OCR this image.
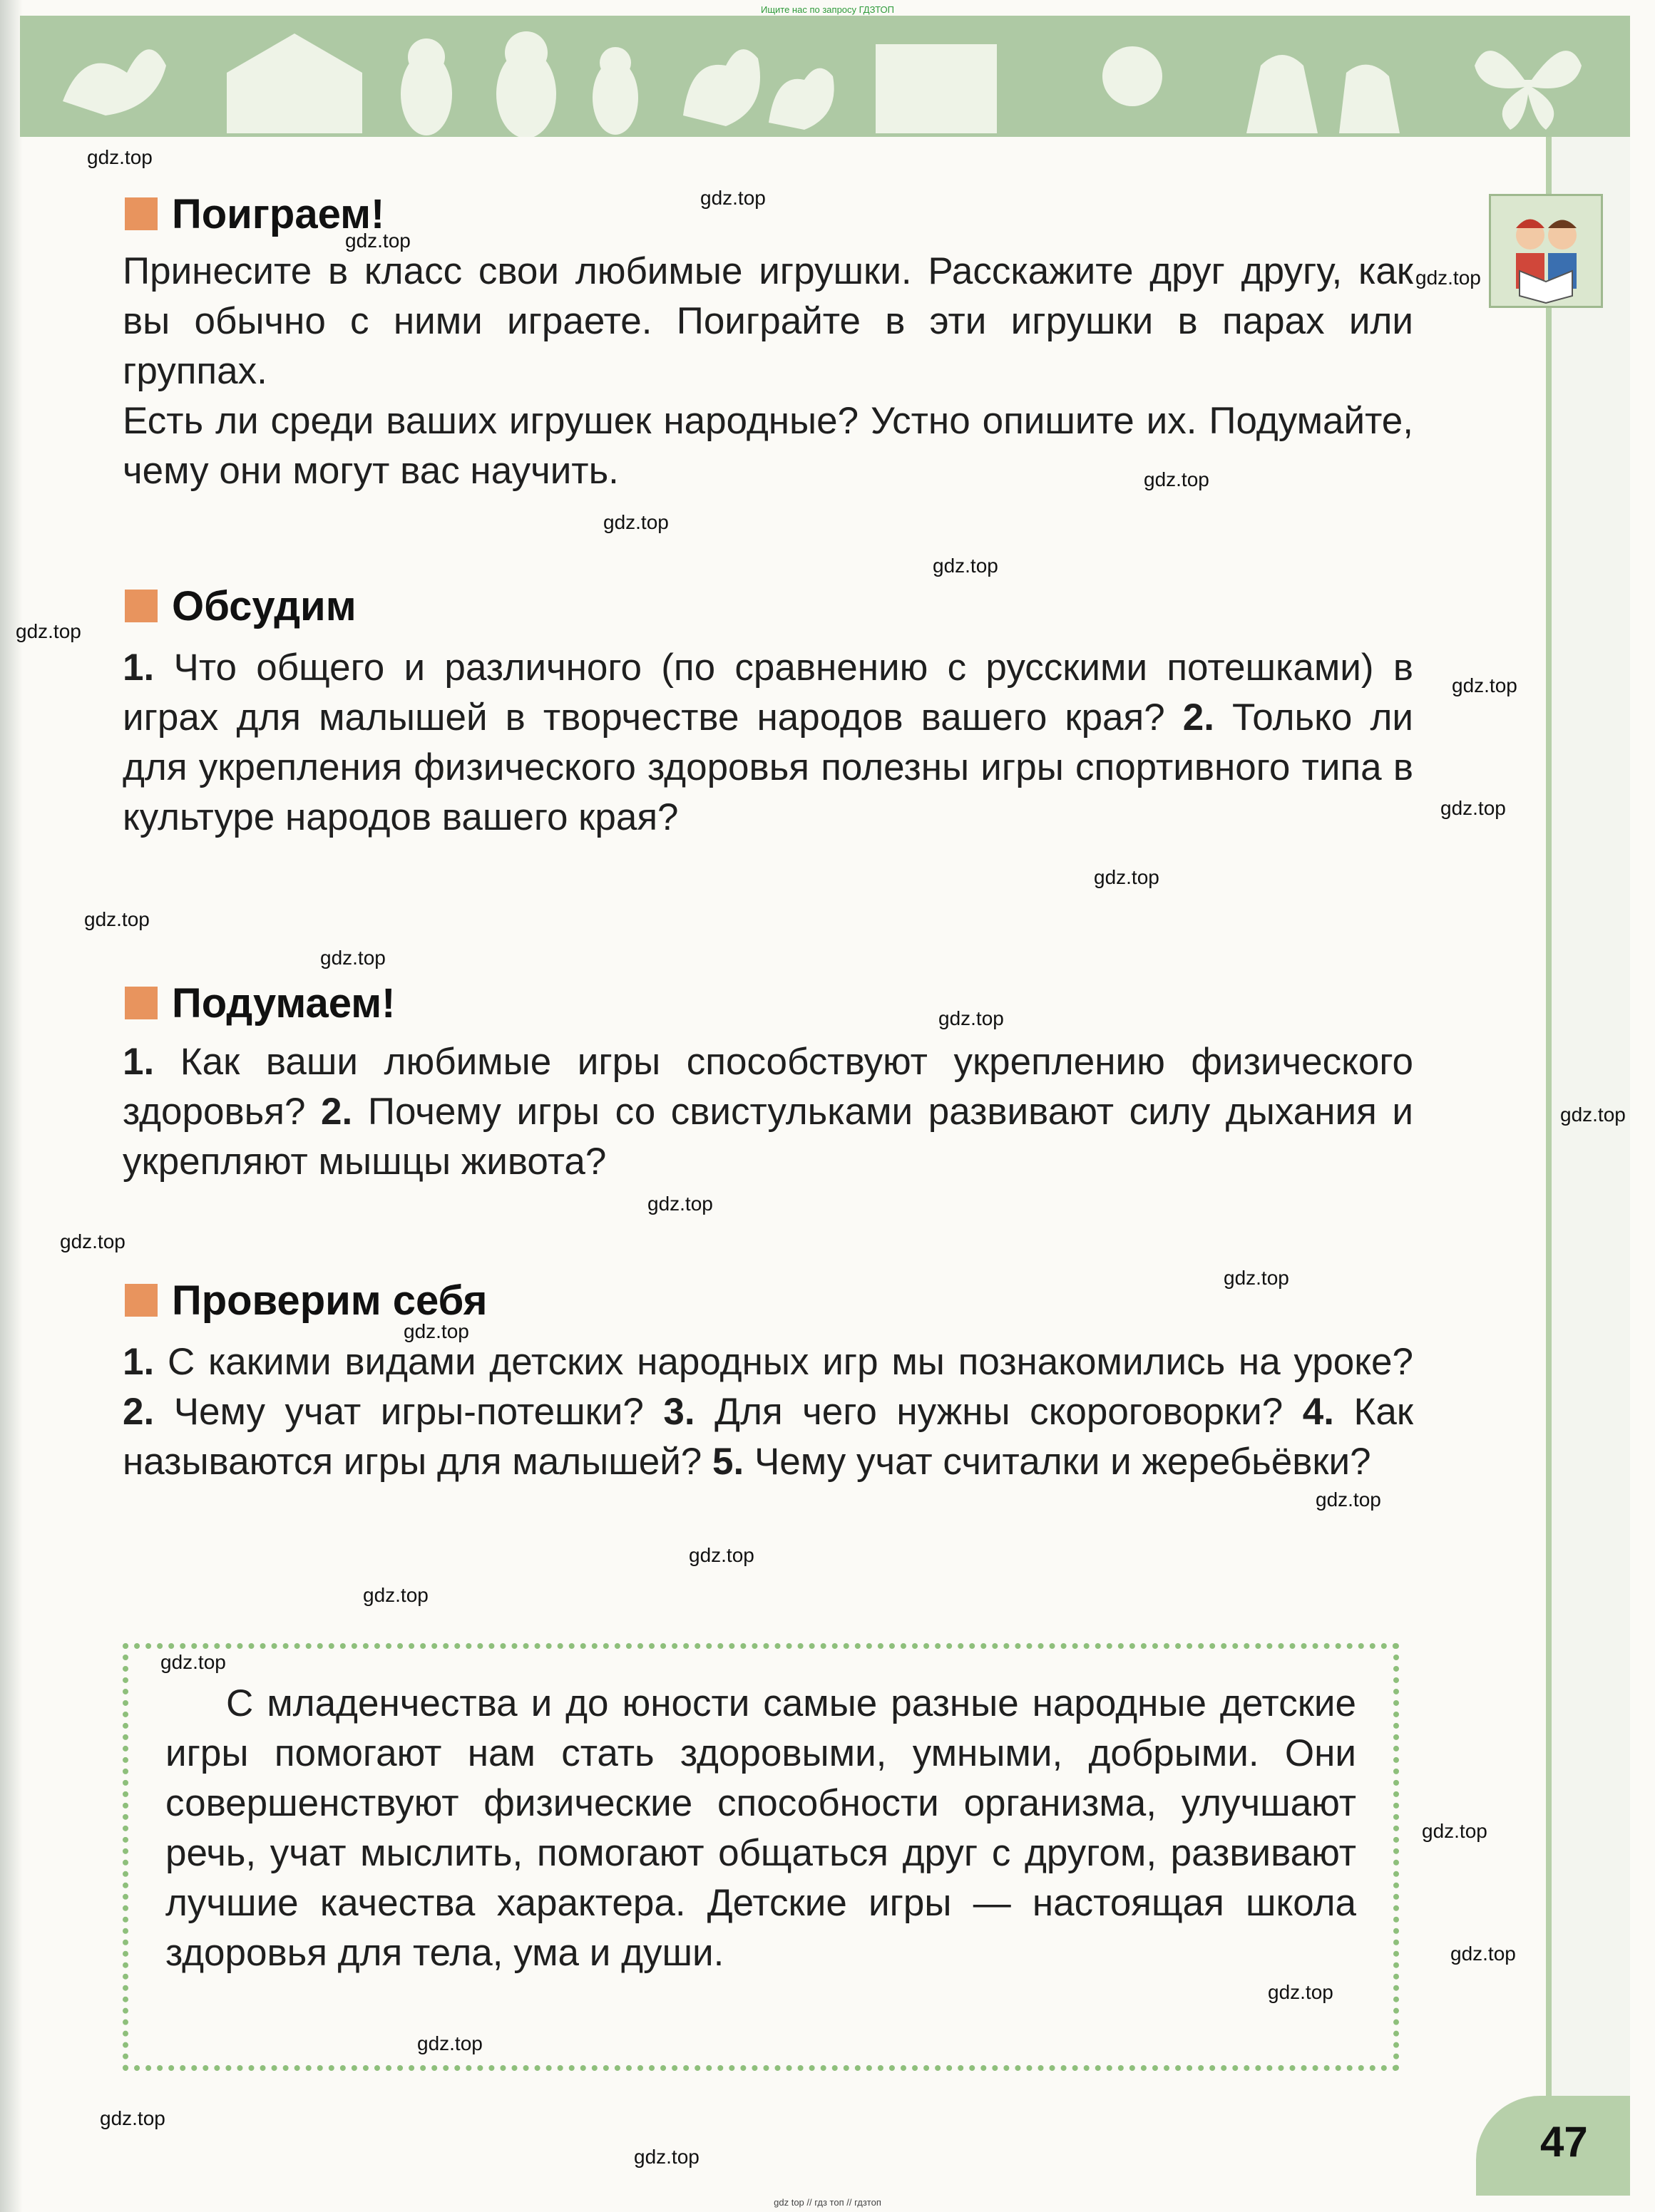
Ищите нас по запросу ГДЗТОП
Поиграем!
Принесите в класс свои любимые игрушки. Расскажите друг другу, как вы обычно с ними играете. Поиграйте в эти игрушки в парах или группах.
Есть ли среди ваших игрушек народные? Устно опишите их. Подумайте, чему они могут вас научить.
Обсудим
1. Что общего и различного (по сравнению с русскими потешками) в играх для малышей в творчестве народов вашего края? 2. Только ли для укрепления физического здоровья полезны игры спортивного типа в культуре народов вашего края?
Подумаем!
1. Как ваши любимые игры способствуют укреплению физического здоровья? 2. Почему игры со свистульками развивают силу дыхания и укрепляют мышцы живота?
Проверим себя
1. С какими видами детских народных игр мы познакомились на уроке? 2. Чему учат игры-потешки? 3. Для чего нужны скороговорки? 4. Как называются игры для малышей? 5. Чему учат считалки и жеребьёвки?
С младенчества и до юности самые разные народные детские игры помогают нам стать здоровыми, умными, добрыми. Они совершенствуют физические способности организма, улучшают речь, учат мыслить, помогают общаться друг с другом, развивают лучшие качества характера. Детские игры — настоящая школа здоровья для тела, ума и души.
gdz.top
gdz.top
gdz.top
gdz.top
gdz.top
gdz.top
gdz.top
gdz.top
gdz.top
gdz.top
gdz.top
gdz.top
gdz.top
gdz.top
gdz.top
gdz.top
gdz.top
gdz.top
gdz.top
gdz.top
gdz.top
gdz.top
gdz.top
gdz.top
gdz.top
gdz.top
gdz.top
gdz.top
gdz.top	47
gdz top // гдз топ // гдзтоп
